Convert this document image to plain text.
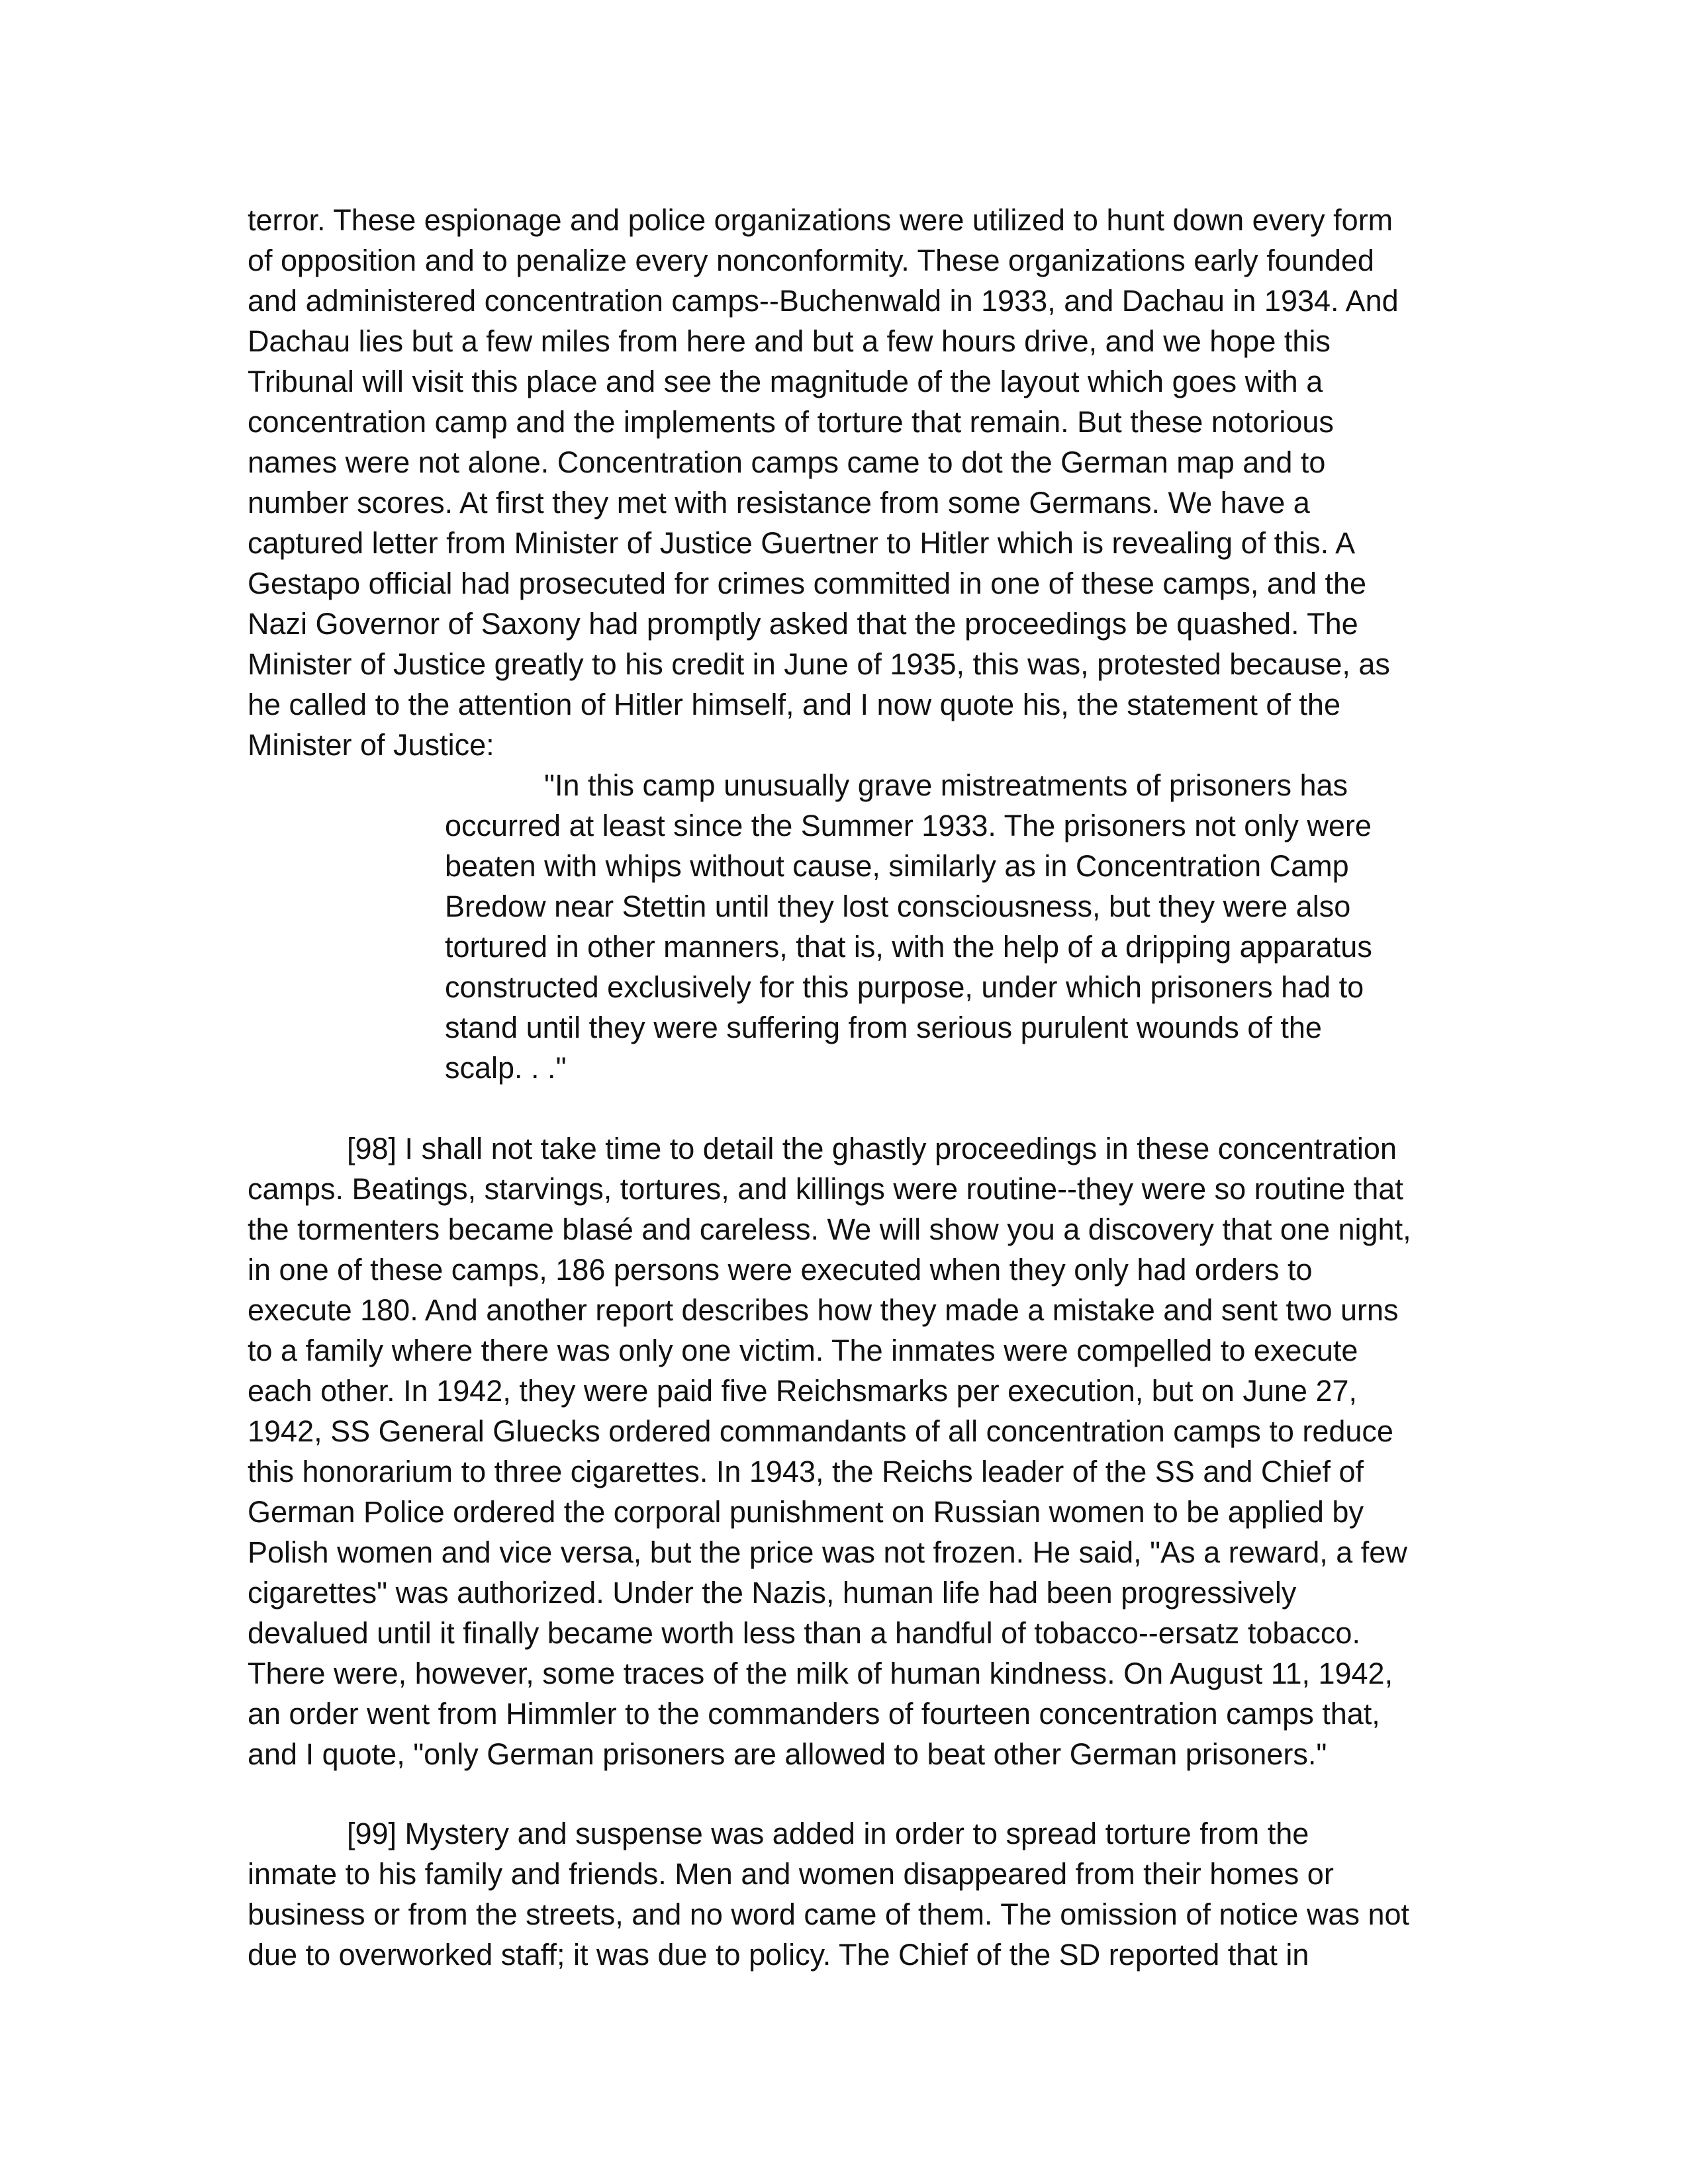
terror. These espionage and police organizations were utilized to hunt down every form
of opposition and to penalize every nonconformity. These organizations early founded
and administered concentration camps--Buchenwald in 1933, and Dachau in 1934. And
Dachau lies but a few miles from here and but a few hours drive, and we hope this
Tribunal will visit this place and see the magnitude of the layout which goes with a
concentration camp and the implements of torture that remain. But these notorious
names were not alone. Concentration camps came to dot the German map and to
number scores. At first they met with resistance from some Germans. We have a
captured letter from Minister of Justice Guertner to Hitler which is revealing of this. A
Gestapo official had prosecuted for crimes committed in one of these camps, and the
Nazi Governor of Saxony had promptly asked that the proceedings be quashed. The
Minister of Justice greatly to his credit in June of 1935, this was, protested because, as
he called to the attention of Hitler himself, and I now quote his, the statement of the
Minister of Justice:
"In this camp unusually grave mistreatments of prisoners has
occurred at least since the Summer 1933. The prisoners not only were
beaten with whips without cause, similarly as in Concentration Camp
Bredow near Stettin until they lost consciousness, but they were also
tortured in other manners, that is, with the help of a dripping apparatus
constructed exclusively for this purpose, under which prisoners had to
stand until they were suffering from serious purulent wounds of the
scalp. . ."
[98] I shall not take time to detail the ghastly proceedings in these concentration
camps. Beatings, starvings, tortures, and killings were routine--they were so routine that
the tormenters became blasé and careless. We will show you a discovery that one night,
in one of these camps, 186 persons were executed when they only had orders to
execute 180. And another report describes how they made a mistake and sent two urns
to a family where there was only one victim. The inmates were compelled to execute
each other. In 1942, they were paid five Reichsmarks per execution, but on June 27,
1942, SS General Gluecks ordered commandants of all concentration camps to reduce
this honorarium to three cigarettes. In 1943, the Reichs leader of the SS and Chief of
German Police ordered the corporal punishment on Russian women to be applied by
Polish women and vice versa, but the price was not frozen. He said, "As a reward, a few
cigarettes" was authorized. Under the Nazis, human life had been progressively
devalued until it finally became worth less than a handful of tobacco--ersatz tobacco.
There were, however, some traces of the milk of human kindness. On August 11, 1942,
an order went from Himmler to the commanders of fourteen concentration camps that,
and I quote, "only German prisoners are allowed to beat other German prisoners."
[99] Mystery and suspense was added in order to spread torture from the
inmate to his family and friends. Men and women disappeared from their homes or
business or from the streets, and no word came of them. The omission of notice was not
due to overworked staff; it was due to policy. The Chief of the SD reported that in
